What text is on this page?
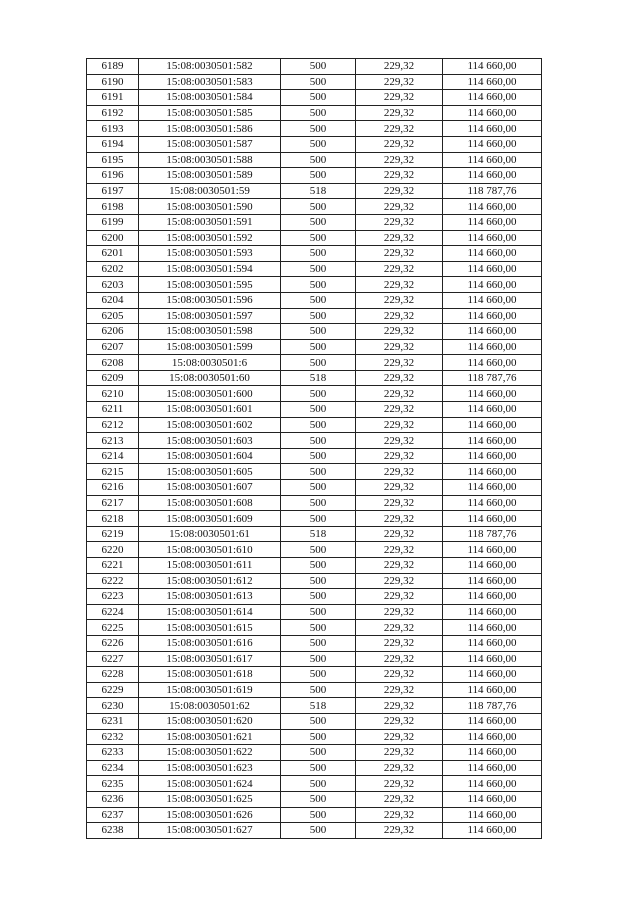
6189	15:08:0030501:582	500	229,32	114 660,00
6190	15:08:0030501:583	500	229,32	114 660,00
6191	15:08:0030501:584	500	229,32	114 660,00
6192	15:08:0030501:585	500	229,32	114 660,00
6193	15:08:0030501:586	500	229,32	114 660,00
6194	15:08:0030501:587	500	229,32	114 660,00
6195	15:08:0030501:588	500	229,32	114 660,00
6196	15:08:0030501:589	500	229,32	114 660,00
6197	15:08:0030501:59	518	229,32	118 787,76
6198	15:08:0030501:590	500	229,32	114 660,00
6199	15:08:0030501:591	500	229,32	114 660,00
6200	15:08:0030501:592	500	229,32	114 660,00
6201	15:08:0030501:593	500	229,32	114 660,00
6202	15:08:0030501:594	500	229,32	114 660,00
6203	15:08:0030501:595	500	229,32	114 660,00
6204	15:08:0030501:596	500	229,32	114 660,00
6205	15:08:0030501:597	500	229,32	114 660,00
6206	15:08:0030501:598	500	229,32	114 660,00
6207	15:08:0030501:599	500	229,32	114 660,00
6208	15:08:0030501:6	500	229,32	114 660,00
6209	15:08:0030501:60	518	229,32	118 787,76
6210	15:08:0030501:600	500	229,32	114 660,00
6211	15:08:0030501:601	500	229,32	114 660,00
6212	15:08:0030501:602	500	229,32	114 660,00
6213	15:08:0030501:603	500	229,32	114 660,00
6214	15:08:0030501:604	500	229,32	114 660,00
6215	15:08:0030501:605	500	229,32	114 660,00
6216	15:08:0030501:607	500	229,32	114 660,00
6217	15:08:0030501:608	500	229,32	114 660,00
6218	15:08:0030501:609	500	229,32	114 660,00
6219	15:08:0030501:61	518	229,32	118 787,76
6220	15:08:0030501:610	500	229,32	114 660,00
6221	15:08:0030501:611	500	229,32	114 660,00
6222	15:08:0030501:612	500	229,32	114 660,00
6223	15:08:0030501:613	500	229,32	114 660,00
6224	15:08:0030501:614	500	229,32	114 660,00
6225	15:08:0030501:615	500	229,32	114 660,00
6226	15:08:0030501:616	500	229,32	114 660,00
6227	15:08:0030501:617	500	229,32	114 660,00
6228	15:08:0030501:618	500	229,32	114 660,00
6229	15:08:0030501:619	500	229,32	114 660,00
6230	15:08:0030501:62	518	229,32	118 787,76
6231	15:08:0030501:620	500	229,32	114 660,00
6232	15:08:0030501:621	500	229,32	114 660,00
6233	15:08:0030501:622	500	229,32	114 660,00
6234	15:08:0030501:623	500	229,32	114 660,00
6235	15:08:0030501:624	500	229,32	114 660,00
6236	15:08:0030501:625	500	229,32	114 660,00
6237	15:08:0030501:626	500	229,32	114 660,00
6238	15:08:0030501:627	500	229,32	114 660,00
